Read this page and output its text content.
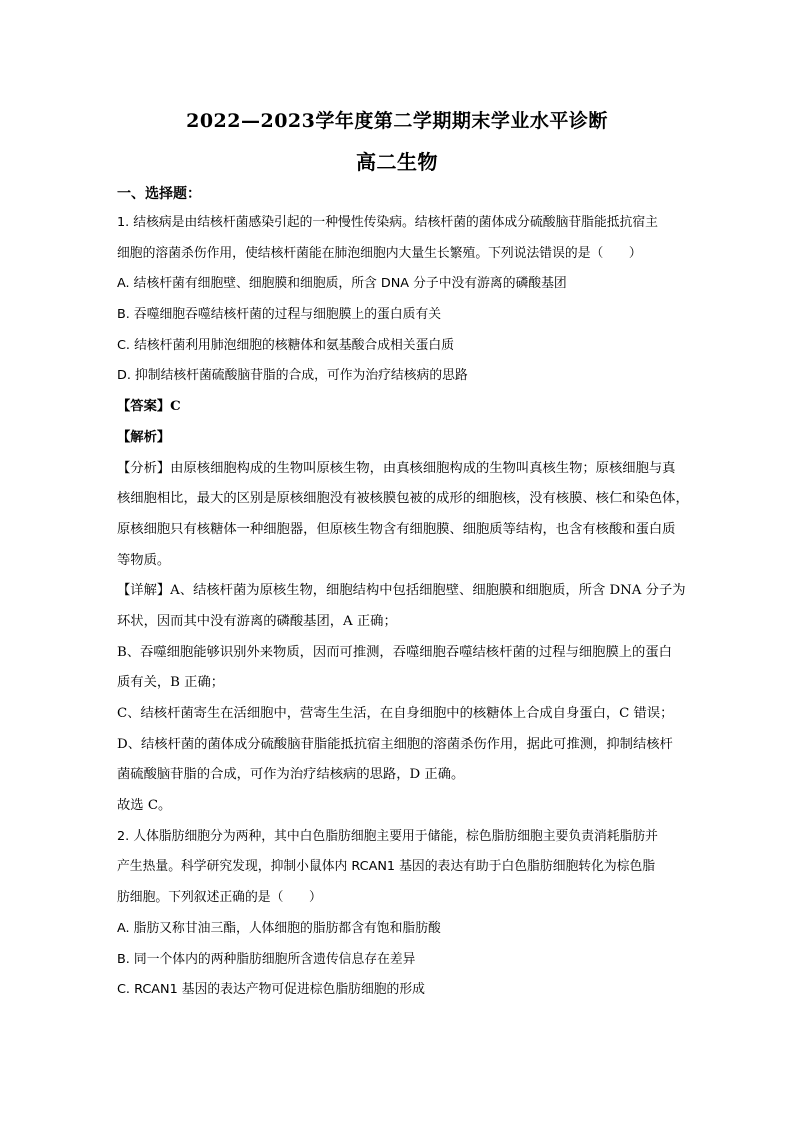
2022—2023学年度第二学期期末学业水平诊断
高二生物
一、选择题：
1. 结核病是由结核杆菌感染引起的一种慢性传染病。结核杆菌的菌体成分硫酸脑苷脂能抵抗宿主
细胞的溶菌杀伤作用，使结核杆菌能在肺泡细胞内大量生长繁殖。下列说法错误的是（　　）
A. 结核杆菌有细胞壁、细胞膜和细胞质，所含 DNA 分子中没有游离的磷酸基团
B. 吞噬细胞吞噬结核杆菌的过程与细胞膜上的蛋白质有关
C. 结核杆菌利用肺泡细胞的核糖体和氨基酸合成相关蛋白质
D. 抑制结核杆菌硫酸脑苷脂的合成，可作为治疗结核病的思路
【答案】C
【解析】
【分析】由原核细胞构成的生物叫原核生物，由真核细胞构成的生物叫真核生物；原核细胞与真
核细胞相比，最大的区别是原核细胞没有被核膜包被的成形的细胞核，没有核膜、核仁和染色体，
原核细胞只有核糖体一种细胞器，但原核生物含有细胞膜、细胞质等结构，也含有核酸和蛋白质
等物质。
【详解】A、结核杆菌为原核生物，细胞结构中包括细胞壁、细胞膜和细胞质，所含 DNA 分子为
环状，因而其中没有游离的磷酸基团，A 正确；
B、吞噬细胞能够识别外来物质，因而可推测，吞噬细胞吞噬结核杆菌的过程与细胞膜上的蛋白
质有关，B 正确；
C、结核杆菌寄生在活细胞中，营寄生生活，在自身细胞中的核糖体上合成自身蛋白，C 错误；
D、结核杆菌的菌体成分硫酸脑苷脂能抵抗宿主细胞的溶菌杀伤作用，据此可推测，抑制结核杆
菌硫酸脑苷脂的合成，可作为治疗结核病的思路，D 正确。
故选 C。
2. 人体脂肪细胞分为两种，其中白色脂肪细胞主要用于储能，棕色脂肪细胞主要负责消耗脂肪并
产生热量。科学研究发现，抑制小鼠体内 RCAN1 基因的表达有助于白色脂肪细胞转化为棕色脂
肪细胞。下列叙述正确的是（　　）
A. 脂肪又称甘油三酯，人体细胞的脂肪都含有饱和脂肪酸
B. 同一个体内的两种脂肪细胞所含遗传信息存在差异
C. RCAN1 基因的表达产物可促进棕色脂肪细胞的形成
